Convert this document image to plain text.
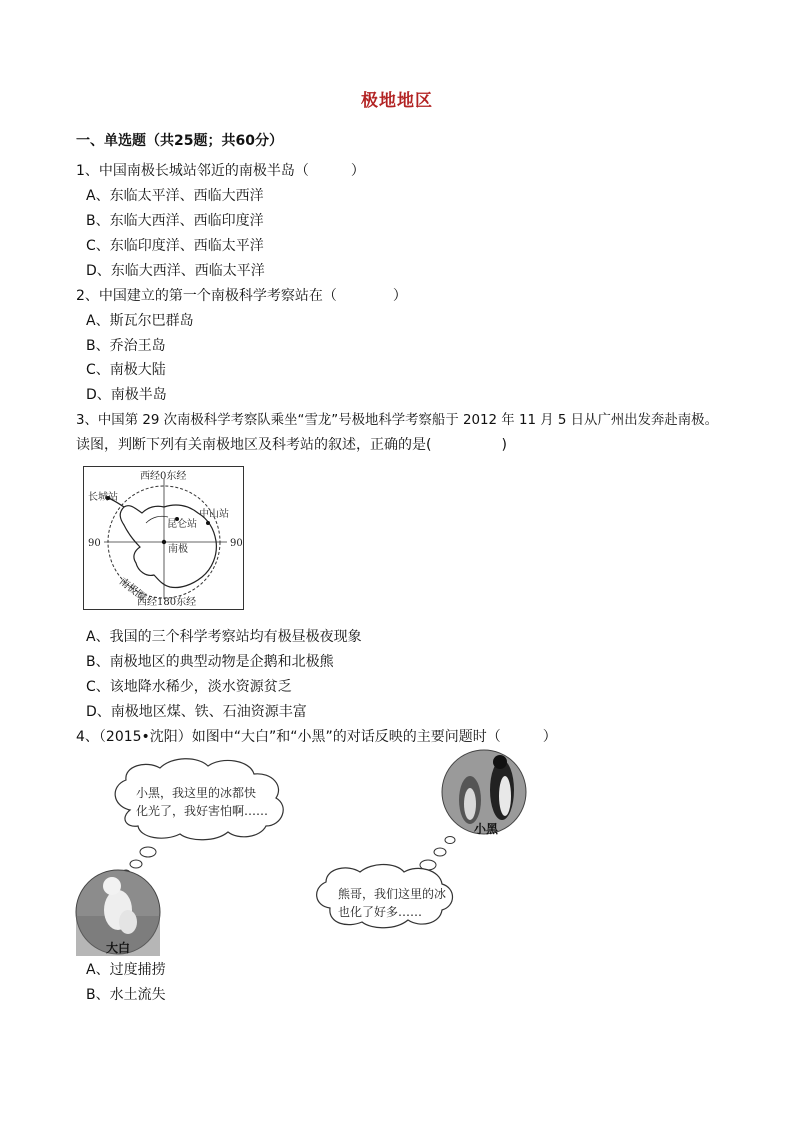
极地地区
一、单选题（共25题；共60分）
1、中国南极长城站邻近的南极半岛（　　　）
A、东临太平洋、西临大西洋
B、东临大西洋、西临印度洋
C、东临印度洋、西临太平洋
D、东临大西洋、西临太平洋
2、中国建立的第一个南极科学考察站在（　　　　）
A、斯瓦尔巴群岛
B、乔治王岛
C、南极大陆
D、南极半岛
3、中国第 29 次南极科学考察队乘坐“雪龙”号极地科学考察船于 2012 年 11 月 5 日从广州出发奔赴南极。
读图，判断下列有关南极地区及科考站的叙述，正确的是(　　　　　)
西经0东经
西经180东经
90	90
长城站
中山站
昆仑站
南极
南极圈
A、我国的三个科学考察站均有极昼极夜现象
B、南极地区的典型动物是企鹅和北极熊
C、该地降水稀少，淡水资源贫乏
D、南极地区煤、铁、石油资源丰富
4、（2015•沈阳）如图中“大白”和“小黑”的对话反映的主要问题时（　　　）
小黑，我这里的冰都快
化光了，我好害怕啊……
小黑
熊哥，我们这里的冰
也化了好多……
大白
A、过度捕捞
B、水土流失
